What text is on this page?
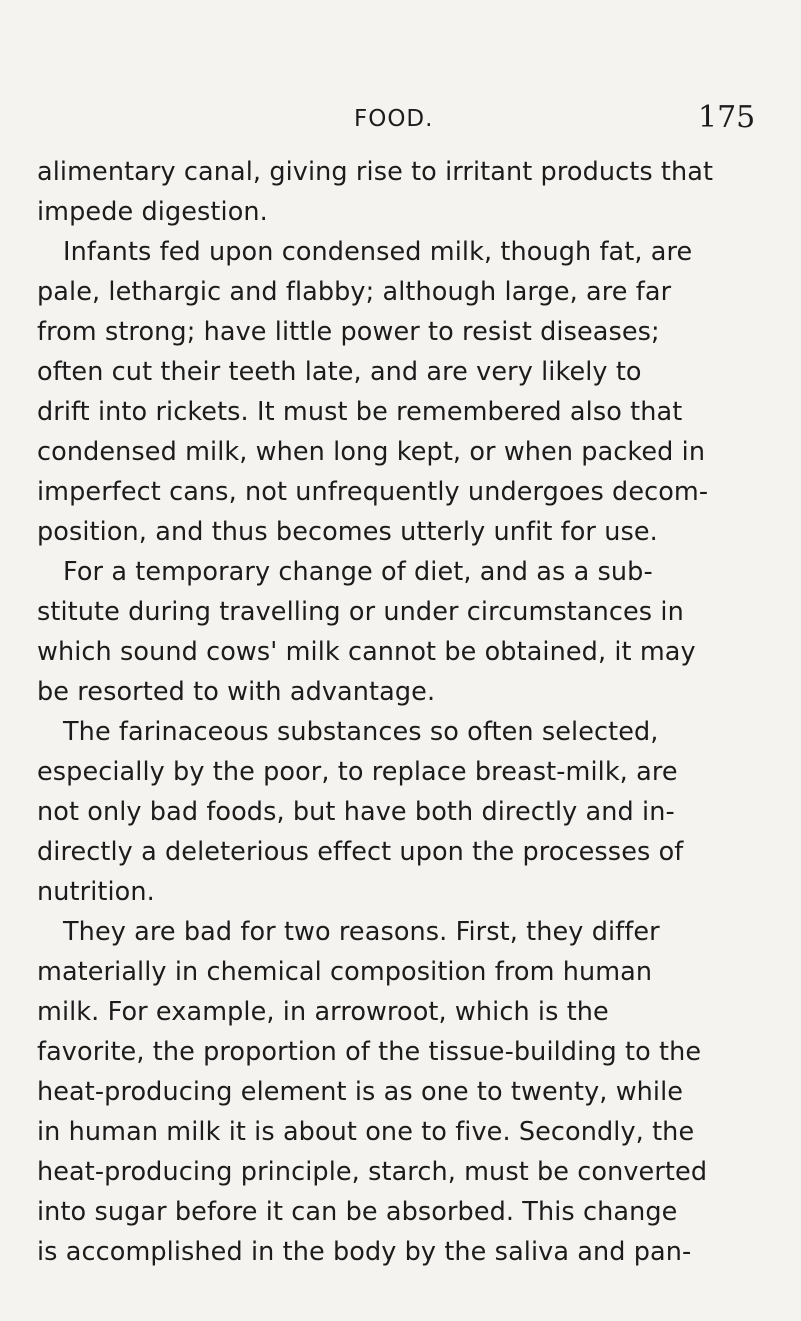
FOOD.	175
alimentary canal, giving rise to irritant products that
impede digestion.
Infants fed upon condensed milk, though fat, are
pale, lethargic and flabby; although large, are far
from strong; have little power to resist diseases;
often cut their teeth late, and are very likely to
drift into rickets. It must be remembered also that
condensed milk, when long kept, or when packed in
imperfect cans, not unfrequently undergoes decom-
position, and thus becomes utterly unfit for use.
For a temporary change of diet, and as a sub-
stitute during travelling or under circumstances in
which sound cows' milk cannot be obtained, it may
be resorted to with advantage.
The farinaceous substances so often selected,
especially by the poor, to replace breast-milk, are
not only bad foods, but have both directly and in-
directly a deleterious effect upon the processes of
nutrition.
They are bad for two reasons. First, they differ
materially in chemical composition from human
milk. For example, in arrowroot, which is the
favorite, the proportion of the tissue-building to the
heat-producing element is as one to twenty, while
in human milk it is about one to five. Secondly, the
heat-producing principle, starch, must be converted
into sugar before it can be absorbed. This change
is accomplished in the body by the saliva and pan-
